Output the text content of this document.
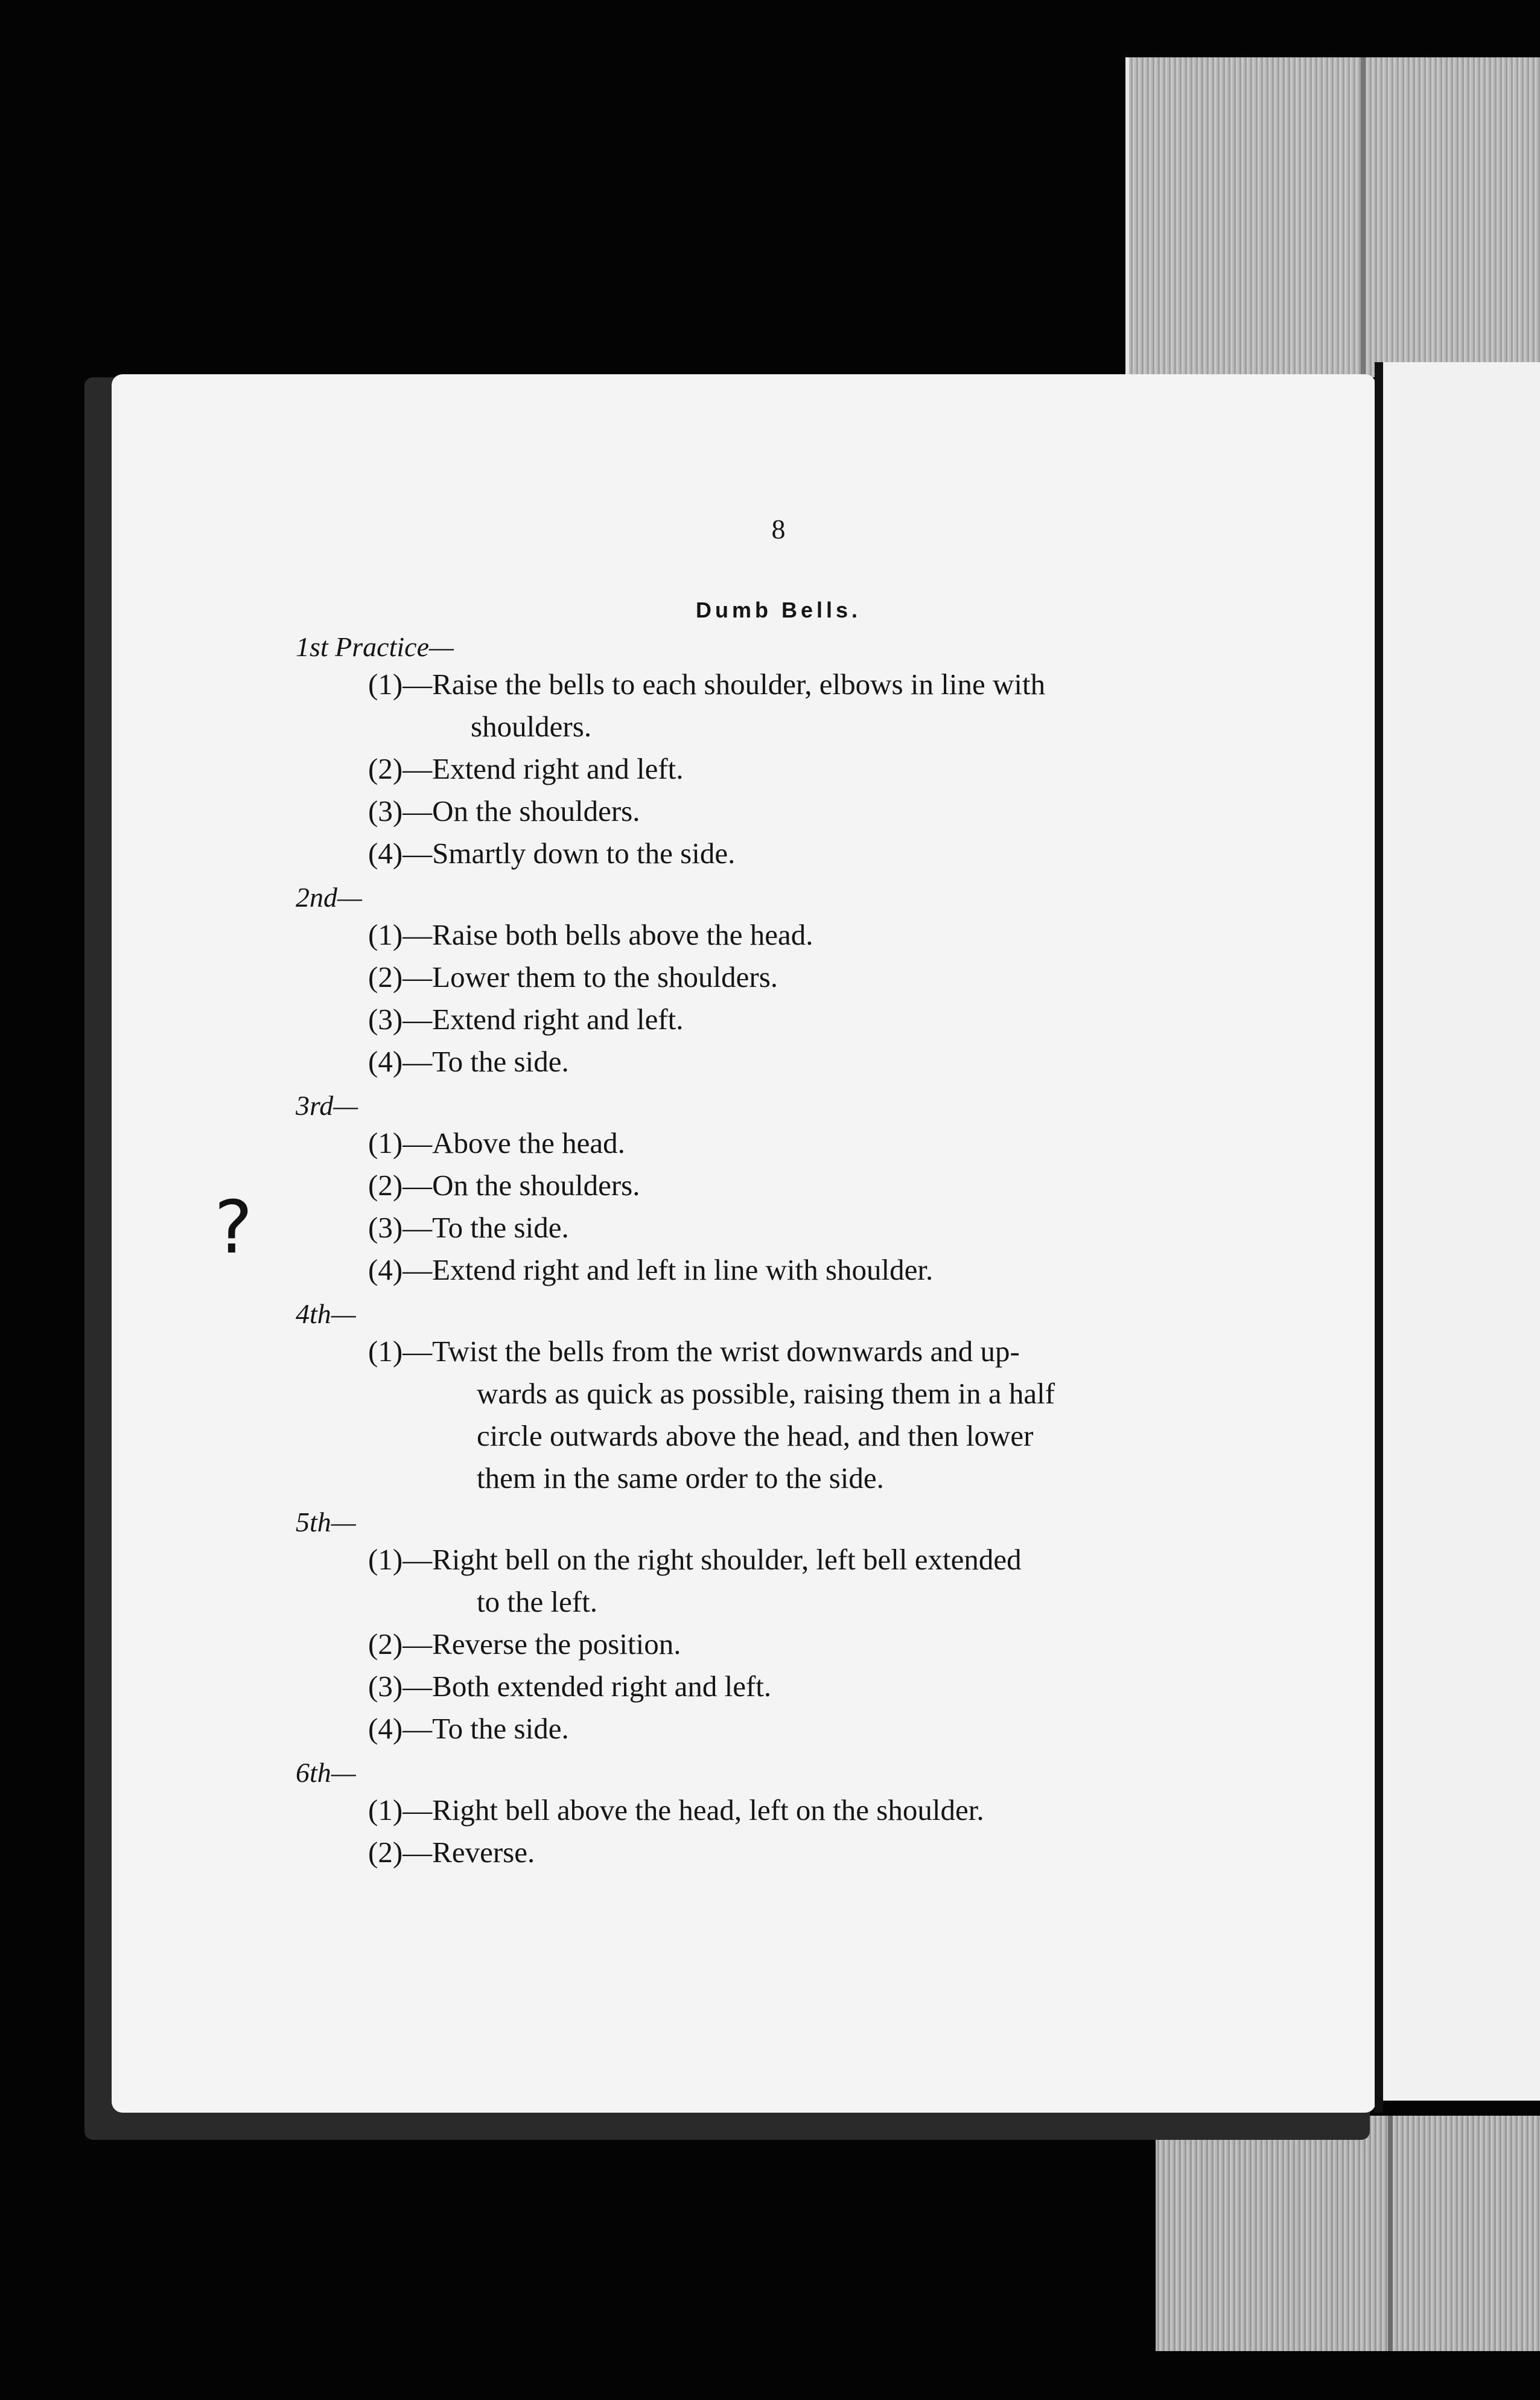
?
8
Dumb Bells.
1st Practice—
(1)—Raise the bells to each shoulder, elbows in line with
shoulders.
(2)—Extend right and left.
(3)—On the shoulders.
(4)—Smartly down to the side.
2nd—
(1)—Raise both bells above the head.
(2)—Lower them to the shoulders.
(3)—Extend right and left.
(4)—To the side.
3rd—
(1)—Above the head.
(2)—On the shoulders.
(3)—To the side.
(4)—Extend right and left in line with shoulder.
4th—
(1)—Twist the bells from the wrist downwards and up-
wards as quick as possible, raising them in a half
circle outwards above the head, and then lower
them in the same order to the side.
5th—
(1)—Right bell on the right shoulder, left bell extended
to the left.
(2)—Reverse the position.
(3)—Both extended right and left.
(4)—To the side.
6th—
(1)—Right bell above the head, left on the shoulder.
(2)—Reverse.
